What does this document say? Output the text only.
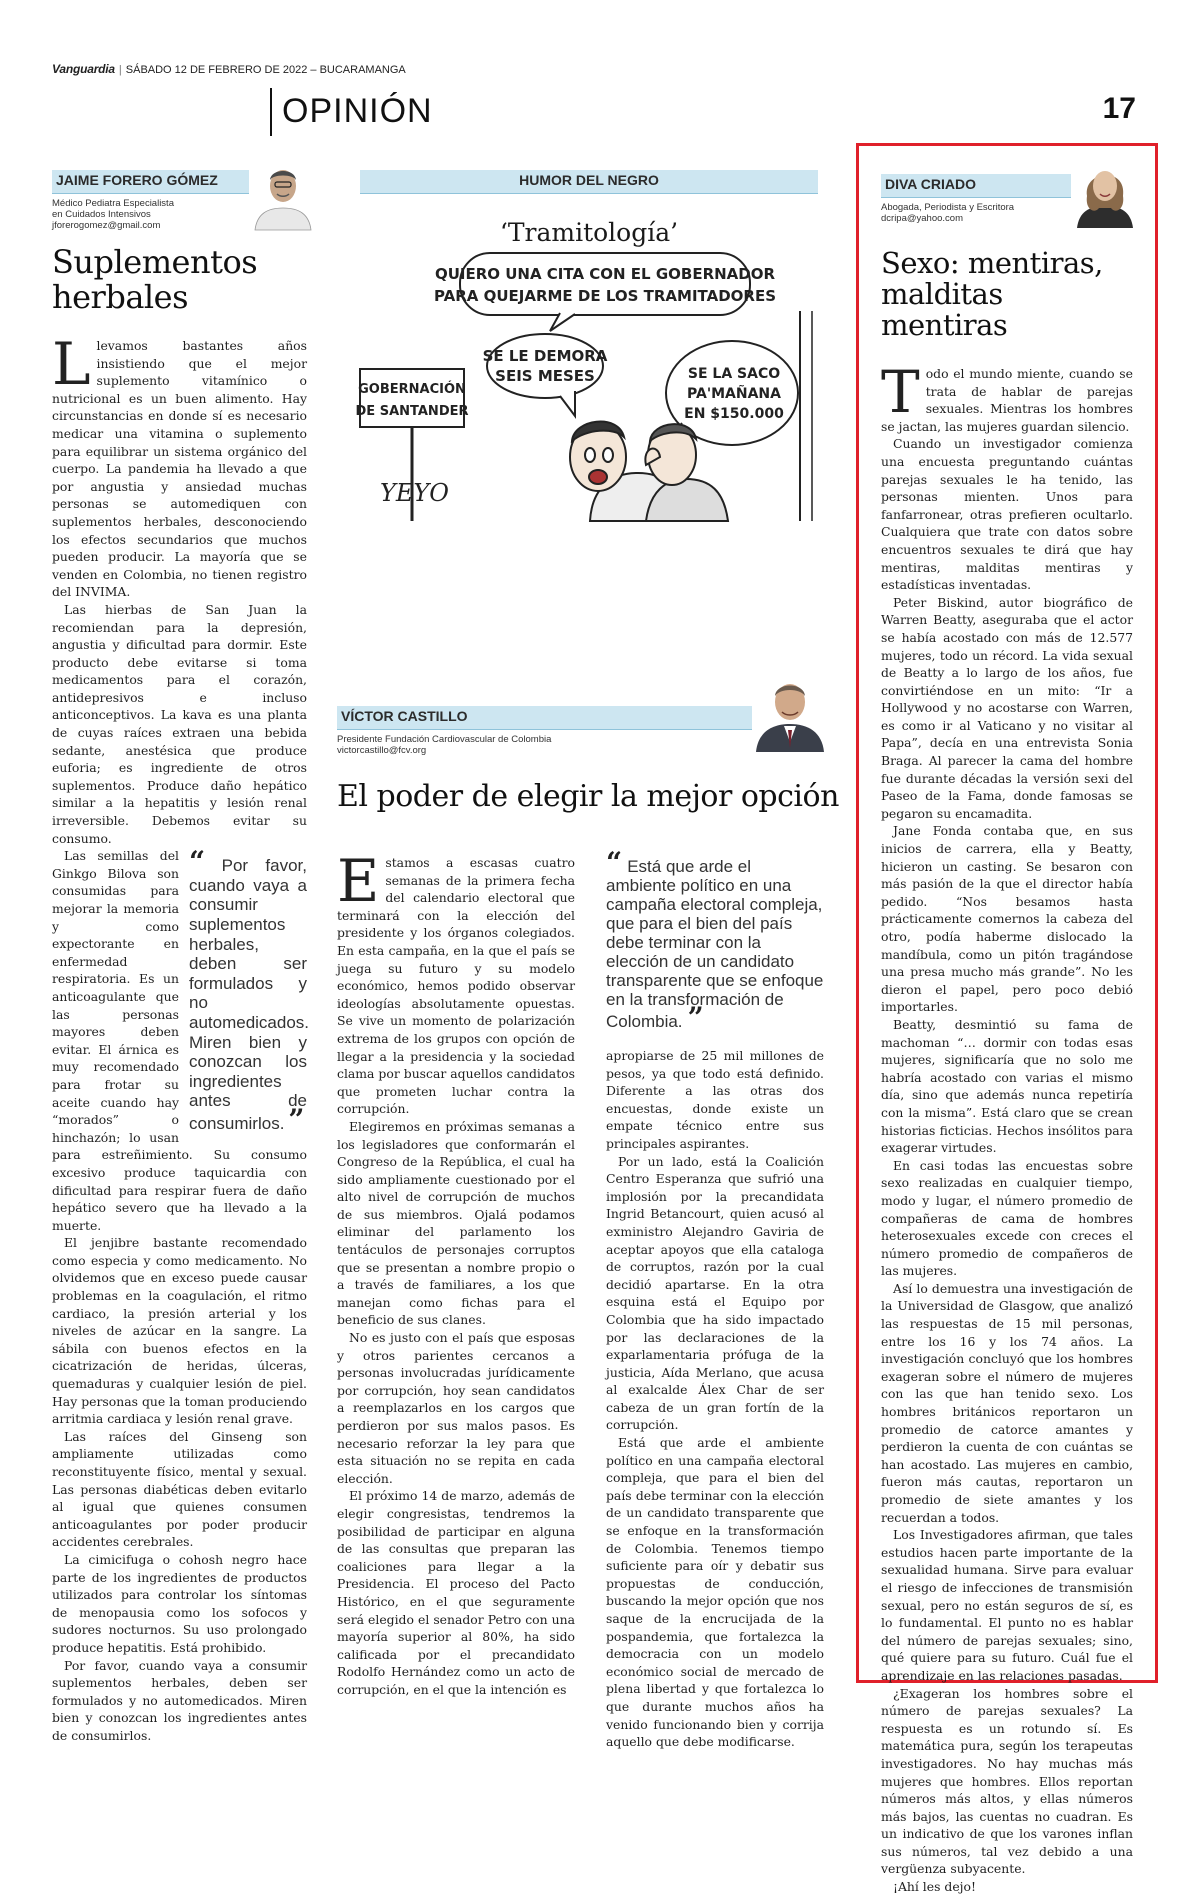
Vanguardia | SÁBADO 12 DE FEBRERO DE 2022 – BUCARAMANGA
OPINIÓN	17
JAIME FORERO GÓMEZ
Médico Pediatra Especialista
en Cuidados Intensivos
jforerogomez@gmail.com
Suplementos herbales

Llevamos bastantes años insistiendo que el mejor suplemento vitamínico o nutricional es un buen alimento. Hay circunstancias en donde sí es necesario medicar una vitamina o suplemento para equilibrar un sistema orgánico del cuerpo. La pandemia ha llevado a que por angustia y ansiedad muchas personas se automediquen con suplementos herbales, desconociendo los efectos secundarios que muchos pueden producir. La mayoría que se venden en Colombia, no tienen registro del INVIMA.

Las hierbas de San Juan la recomiendan para la depresión, angustia y dificultad para dormir. Este producto debe evitarse si toma medicamentos para el corazón, antidepresivos e incluso anticonceptivos. La kava es una planta de cuyas raíces extraen una bebida sedante, anestésica que produce euforia; es ingrediente de otros suplementos. Produce daño hepático similar a la hepatitis y lesión renal irreversible. Debemos evitar su consumo.

“ Por favor, cuando vaya a consumir suplementos herbales, deben ser formulados y no automedicados. Miren bien y conozcan los ingredientes antes de consumirlos. ”

Las semillas del Ginkgo Bilova son consumidas para mejorar la memoria y como expectorante en enfermedad respiratoria. Es un anticoagulante que las personas mayores deben evitar. El árnica es muy recomendado para frotar su aceite cuando hay “morados” o hinchazón; lo usan para estreñimiento. Su consumo excesivo produce taquicardia con dificultad para respirar fuera de daño hepático severo que ha llevado a la muerte.

El jenjibre bastante recomendado como especia y como medicamento. No olvidemos que en exceso puede causar problemas en la coagulación, el ritmo cardiaco, la presión arterial y los niveles de azúcar en la sangre. La sábila con buenos efectos en la cicatrización de heridas, úlceras, quemaduras y cualquier lesión de piel. Hay personas que la toman produciendo arritmia cardiaca y lesión renal grave.

Las raíces del Ginseng son ampliamente utilizadas como reconstituyente físico, mental y sexual. Las personas diabéticas deben evitarlo al igual que quienes consumen anticoagulantes por poder producir accidentes cerebrales.

La cimicifuga o cohosh negro hace parte de los ingredientes de productos utilizados para controlar los síntomas de menopausia como los sofocos y sudores nocturnos. Su uso prolongado produce hepatitis. Está prohibido.

Por favor, cuando vaya a consumir suplementos herbales, deben ser formulados y no automedicados. Miren bien y conozcan los ingredientes antes de consumirlos.

HUMOR DEL NEGRO
‘Tramitología’
QUIERO UNA CITA CON EL GOBERNADOR
PARA QUEJARME DE LOS TRAMITADORES
SE LE DEMORA
SEIS MESES	SE LA SACO
PA'MAÑANA
EN $150.000
GOBERNACIÓN
DE SANTANDER
YEYO
VÍCTOR CASTILLO
Presidente Fundación Cardiovascular de Colombia
victorcastillo@fcv.org
El poder de elegir la mejor opción

Estamos a escasas cuatro semanas de la primera fecha del calendario electoral que terminará con la elección del presidente y los órganos colegiados. En esta campaña, en la que el país se juega su futuro y su modelo económico, hemos podido observar ideologías absolutamente opuestas. Se vive un momento de polarización extrema de los grupos con opción de llegar a la presidencia y la sociedad clama por buscar aquellos candidatos que prometen luchar contra la corrupción.

Elegiremos en próximas semanas a los legisladores que conformarán el Congreso de la República, el cual ha sido ampliamente cuestionado por el alto nivel de corrupción de muchos de sus miembros. Ojalá podamos eliminar del parlamento los tentáculos de personajes corruptos que se presentan a nombre propio o a través de familiares, a los que manejan como fichas para el beneficio de sus clanes.

No es justo con el país que esposas y otros parientes cercanos a personas involucradas jurídicamente por corrupción, hoy sean candidatos a reemplazarlos en los cargos que perdieron por sus malos pasos. Es necesario reforzar la ley para que esta situación no se repita en cada elección.

El próximo 14 de marzo, además de elegir congresistas, tendremos la posibilidad de participar en alguna de las consultas que preparan las coaliciones para llegar a la Presidencia. El proceso del Pacto Histórico, en el que seguramente será elegido el senador Petro con una mayoría superior al 80%, ha sido calificada por el precandidato Rodolfo Hernández como un acto de corrupción, en el que la intención es

“ Está que arde el ambiente político en una campaña electoral compleja, que para el bien del país debe terminar con la elección de un candidato transparente que se enfoque en la transformación de Colombia. ”

apropiarse de 25 mil millones de pesos, ya que todo está definido. Diferente a las otras dos encuestas, donde existe un empate técnico entre sus principales aspirantes.

Por un lado, está la Coalición Centro Esperanza que sufrió una implosión por la precandidata Ingrid Betancourt, quien acusó al exministro Alejandro Gaviria de aceptar apoyos que ella cataloga de corruptos, razón por la cual decidió apartarse. En la otra esquina está el Equipo por Colombia que ha sido impactado por las declaraciones de la exparlamentaria prófuga de la justicia, Aída Merlano, que acusa al exalcalde Álex Char de ser cabeza de un gran fortín de la corrupción.

Está que arde el ambiente político en una campaña electoral compleja, que para el bien del país debe terminar con la elección de un candidato transparente que se enfoque en la transformación de Colombia. Tenemos tiempo suficiente para oír y debatir sus propuestas de conducción, buscando la mejor opción que nos saque de la encrucijada de la pospandemia, que fortalezca la democracia con un modelo económico social de mercado de plena libertad y que fortalezca lo que durante muchos años ha venido funcionando bien y corrija aquello que debe modificarse.

DIVA CRIADO
Abogada, Periodista y Escritora
dcripa@yahoo.com
Sexo: mentiras, malditas mentiras

Todo el mundo miente, cuando se trata de hablar de parejas sexuales. Mientras los hombres se jactan, las mujeres guardan silencio.

Cuando un investigador comienza una encuesta preguntando cuántas parejas sexuales le ha tenido, las personas mienten. Unos para fanfarronear, otras prefieren ocultarlo. Cualquiera que trate con datos sobre encuentros sexuales te dirá que hay mentiras, malditas mentiras y estadísticas inventadas.

Peter Biskind, autor biográfico de Warren Beatty, aseguraba que el actor se había acostado con más de 12.577 mujeres, todo un récord. La vida sexual de Beatty a lo largo de los años, fue convirtiéndose en un mito: “Ir a Hollywood y no acostarse con Warren, es como ir al Vaticano y no visitar al Papa”, decía en una entrevista Sonia Braga. Al parecer la cama del hombre fue durante décadas la versión sexi del Paseo de la Fama, donde famosas se pegaron su encamadita.

Jane Fonda contaba que, en sus inicios de carrera, ella y Beatty, hicieron un casting. Se besaron con más pasión de la que el director había pedido. “Nos besamos hasta prácticamente comernos la cabeza del otro, podía haberme dislocado la mandíbula, como un pitón tragándose una presa mucho más grande”. No les dieron el papel, pero poco debió importarles.

Beatty, desmintió su fama de machoman “… dormir con todas esas mujeres, significaría que no solo me habría acostado con varias el mismo día, sino que además nunca repetiría con la misma”. Está claro que se crean historias ficticias. Hechos insólitos para exagerar virtudes.

En casi todas las encuestas sobre sexo realizadas en cualquier tiempo, modo y lugar, el número promedio de compañeras de cama de hombres heterosexuales excede con creces el número promedio de compañeros de las mujeres.

Así lo demuestra una investigación de la Universidad de Glasgow, que analizó las respuestas de 15 mil personas, entre los 16 y los 74 años. La investigación concluyó que los hombres exageran sobre el número de mujeres con las que han tenido sexo. Los hombres británicos reportaron un promedio de catorce amantes y perdieron la cuenta de con cuántas se han acostado. Las mujeres en cambio, fueron más cautas, reportaron un promedio de siete amantes y los recuerdan a todos.

Los Investigadores afirman, que tales estudios hacen parte importante de la sexualidad humana. Sirve para evaluar el riesgo de infecciones de transmisión sexual, pero no están seguros de sí, es lo fundamental. El punto no es hablar del número de parejas sexuales; sino, qué quiere para su futuro. Cuál fue el aprendizaje en las relaciones pasadas.

¿Exageran los hombres sobre el número de parejas sexuales? La respuesta es un rotundo sí. Es matemática pura, según los terapeutas investigadores. No hay muchas más mujeres que hombres. Ellos reportan números más altos, y ellas números más bajos, las cuentas no cuadran. Es un indicativo de que los varones inflan sus números, tal vez debido a una vergüenza subyacente.

¡Ahí les dejo!
